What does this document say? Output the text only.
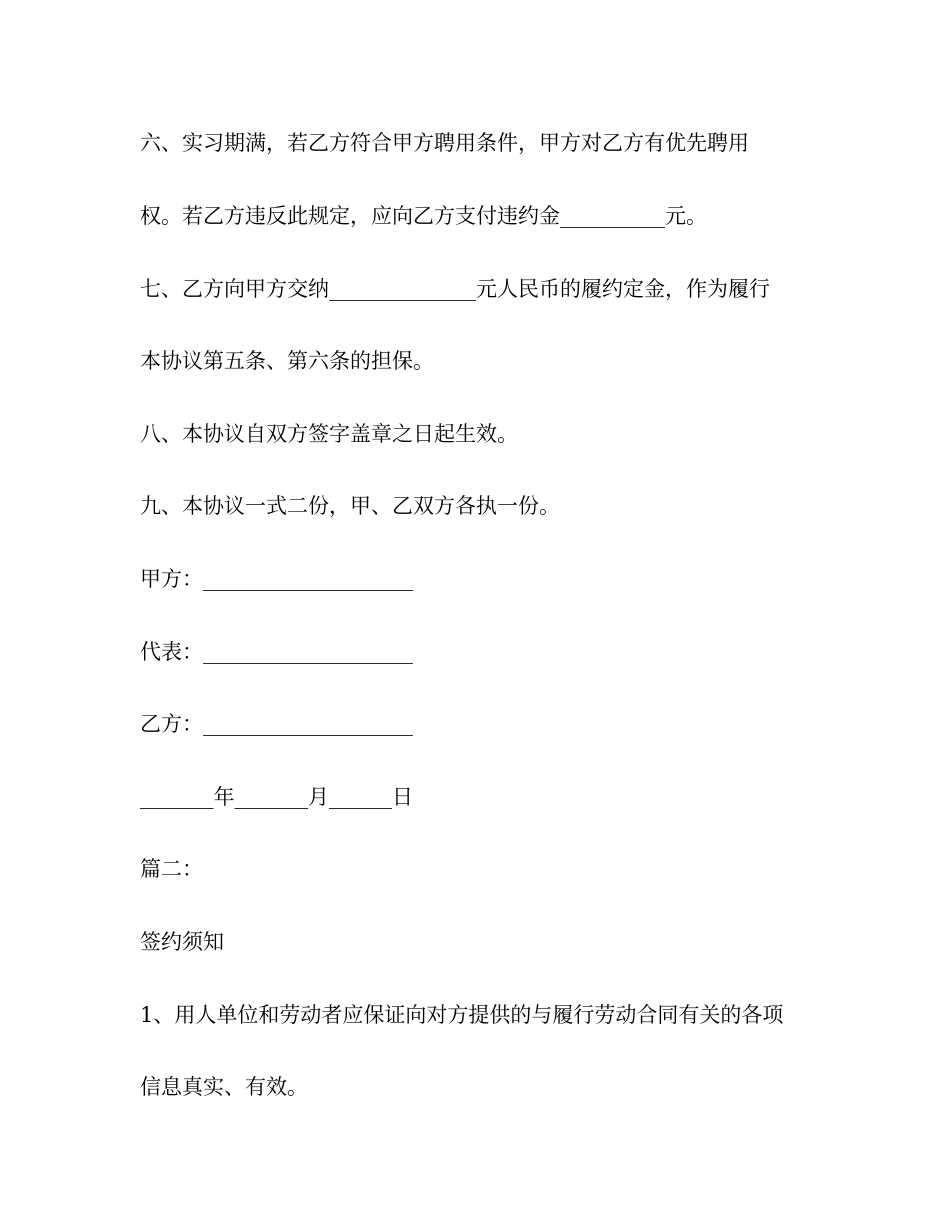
六、实习期满，若乙方符合甲方聘用条件，甲方对乙方有优先聘用
权。若乙方违反此规定，应向乙方支付违约金__________元。
七、乙方向甲方交纳______________元人民币的履约定金，作为履行
本协议第五条、第六条的担保。
八、本协议自双方签字盖章之日起生效。
九、本协议一式二份，甲、乙双方各执一份。
甲方：____________________
代表：____________________
乙方：____________________
_______年_______月______日
篇二：
签约须知
1、用人单位和劳动者应保证向对方提供的与履行劳动合同有关的各项
信息真实、有效。
